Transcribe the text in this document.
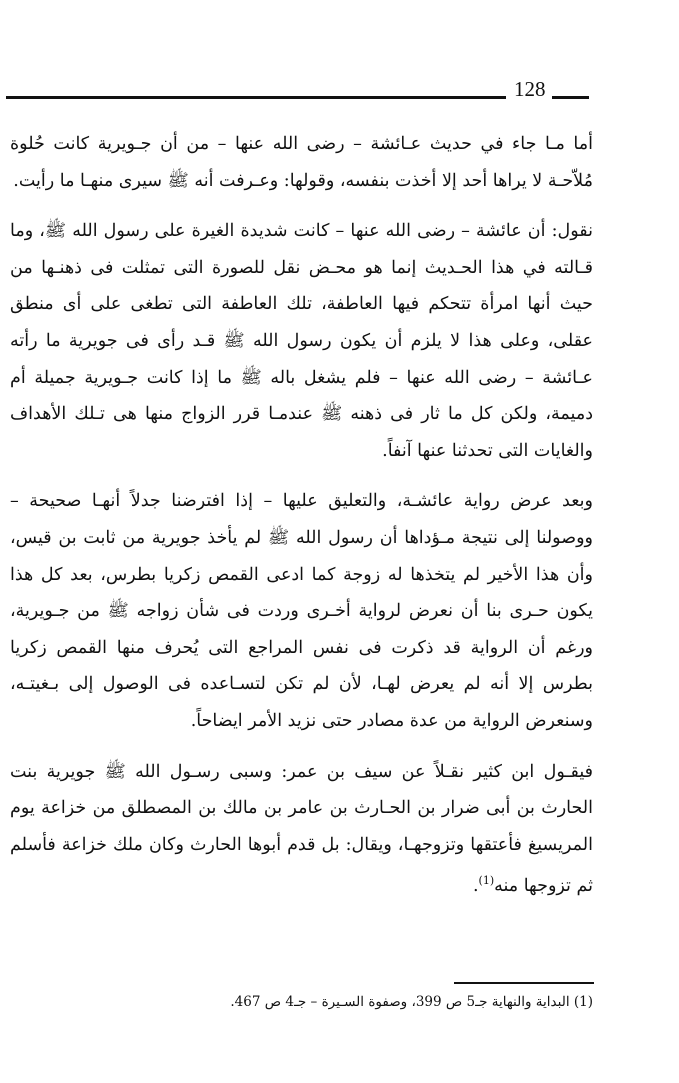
128
أما مـا جاء في حديث عـائشة – رضى الله عنها – من أن جـويرية كانت حُلوة مُلاّحـة لا يراها أحد إلا أخذت بنفسه، وقولها: وعـرفت أنه ﷺ سيرى منهـا ما رأيت.
نقول: أن عائشة – رضى الله عنها – كانت شديدة الغيرة على رسول الله ﷺ، وما قـالته في هذا الحـديث إنما هو محـض نقل للصورة التى تمثلت فى ذهنـها من حيث أنها امرأة تتحكم فيها العاطفة، تلك العاطفة التى تطغى على أى منطق عقلى، وعلى هذا لا يلزم أن يكون رسول الله ﷺ قـد رأى فى جويرية ما رأته عـائشة – رضى الله عنها – فلم يشغل باله ﷺ ما إذا كانت جـويرية جميلة أم دميمة، ولكن كل ما ثار فى ذهنه ﷺ عندمـا قرر الزواج منها هى تـلك الأهداف والغايات التى تحدثنا عنها آنفاً.
وبعد عرض رواية عائشـة، والتعليق عليها – إذا افترضنا جدلاً أنهـا صحيحة – ووصولنا إلى نتيجة مـؤداها أن رسول الله ﷺ لم يأخذ جويرية من ثابت بن قيس، وأن هذا الأخير لم يتخذها له زوجة كما ادعى القمص زكريا بطرس، بعد كل هذا يكون حـرى بنا أن نعرض لرواية أخـرى وردت فى شأن زواجه ﷺ من جـويرية، ورغم أن الرواية قد ذكرت فى نفس المراجع التى يُحرف منها القمص زكريا بطرس إلا أنه لم يعرض لهـا، لأن لم تكن لتسـاعده فى الوصول إلى بـغيتـه، وسنعرض الرواية من عدة مصادر حتى نزيد الأمر ايضاحاً.
فيقـول ابن كثير نقـلاً عن سيف بن عمر: وسبى رسـول الله ﷺ جويرية بنت الحارث بن أبى ضرار بن الحـارث بن عامر بن مالك بن المصطلق من خزاعة يوم المريسيغ فأعتقها وتزوجهـا، ويقال: بل قدم أبوها الحارث وكان ملك خزاعة فأسلم ثم تزوجها منه$^{(1)}$.
(1) البداية والنهاية جـ5 ص 399، وصفوة السـيرة – جـ4 ص 467.
